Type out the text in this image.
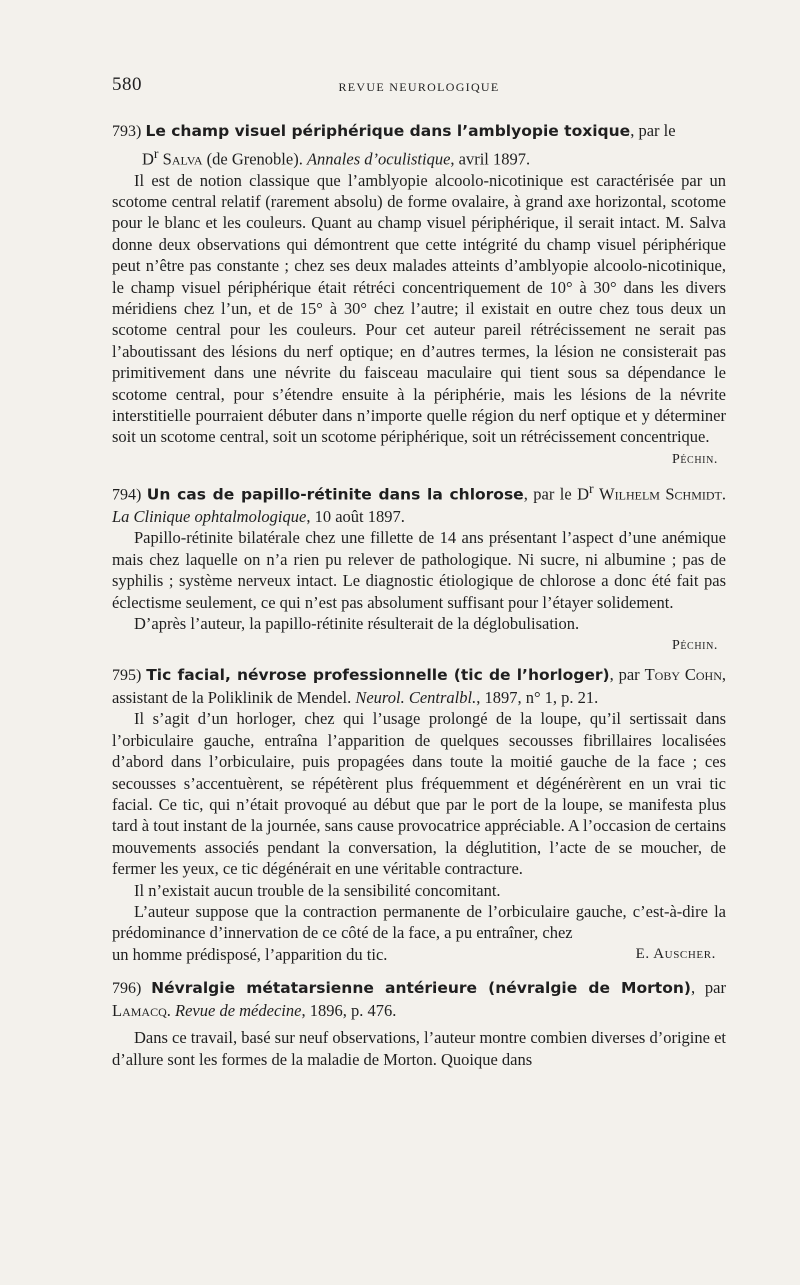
580	REVUE NEUROLOGIQUE
793) Le champ visuel périphérique dans l’amblyopie toxique, par le
$D^r$ Salva (de Grenoble). Annales d’oculistique, avril 1897.

Il est de notion classique que l’amblyopie alcoolo-nicotinique est caractérisée par un scotome central relatif (rarement absolu) de forme ovalaire, à grand axe horizontal, scotome pour le blanc et les couleurs. Quant au champ visuel périphérique, il serait intact. M. Salva donne deux observations qui démontrent que cette intégrité du champ visuel périphérique peut n’être pas constante ; chez ses deux malades atteints d’amblyopie alcoolo-nicotinique, le champ visuel périphérique était rétréci concentriquement de 10° à 30° dans les divers méridiens chez l’un, et de 15° à 30° chez l’autre; il existait en outre chez tous deux un scotome central pour les couleurs. Pour cet auteur pareil rétrécissement ne serait pas l’aboutissant des lésions du nerf optique; en d’autres termes, la lésion ne consisterait pas primitivement dans une névrite du faisceau maculaire qui tient sous sa dépendance le scotome central, pour s’étendre ensuite à la périphérie, mais les lésions de la névrite interstitielle pourraient débuter dans n’importe quelle région du nerf optique et y déterminer soit un scotome central, soit un scotome périphérique, soit un rétrécissement concentrique.

Péchin.
794) Un cas de papillo-rétinite dans la chlorose, par le $D^r$ Wilhelm Schmidt. La Clinique ophtalmologique, 10 août 1897.

Papillo-rétinite bilatérale chez une fillette de 14 ans présentant l’aspect d’une anémique mais chez laquelle on n’a rien pu relever de pathologique. Ni sucre, ni albumine ; pas de syphilis ; système nerveux intact. Le diagnostic étiologique de chlorose a donc été fait pas éclectisme seulement, ce qui n’est pas absolument suffisant pour l’étayer solidement.

D’après l’auteur, la papillo-rétinite résulterait de la déglobulisation.

Péchin.
795) Tic facial, névrose professionnelle (tic de l’horloger), par Toby Cohn, assistant de la Poliklinik de Mendel. Neurol. Centralbl., 1897, n° 1, p. 21.

Il s’agit d’un horloger, chez qui l’usage prolongé de la loupe, qu’il sertissait dans l’orbiculaire gauche, entraîna l’apparition de quelques secousses fibrillaires localisées d’abord dans l’orbiculaire, puis propagées dans toute la moitié gauche de la face ; ces secousses s’accentuèrent, se répétèrent plus fréquemment et dégénérèrent en un vrai tic facial. Ce tic, qui n’était provoqué au début que par le port de la loupe, se manifesta plus tard à tout instant de la journée, sans cause provocatrice appréciable. A l’occasion de certains mouvements associés pendant la conversation, la déglutition, l’acte de se moucher, de fermer les yeux, ce tic dégénérait en une véritable contracture.

Il n’existait aucun trouble de la sensibilité concomitant.

L’auteur suppose que la contraction permanente de l’orbiculaire gauche, c’est-à-dire la prédominance d’innervation de ce côté de la face, a pu entraîner, chez

un homme prédisposé, l’apparition du tic.	E. Auscher.
796) Névralgie métatarsienne antérieure (névralgie de Morton), par Lamacq. Revue de médecine, 1896, p. 476.

Dans ce travail, basé sur neuf observations, l’auteur montre combien diverses d’origine et d’allure sont les formes de la maladie de Morton. Quoique dans
